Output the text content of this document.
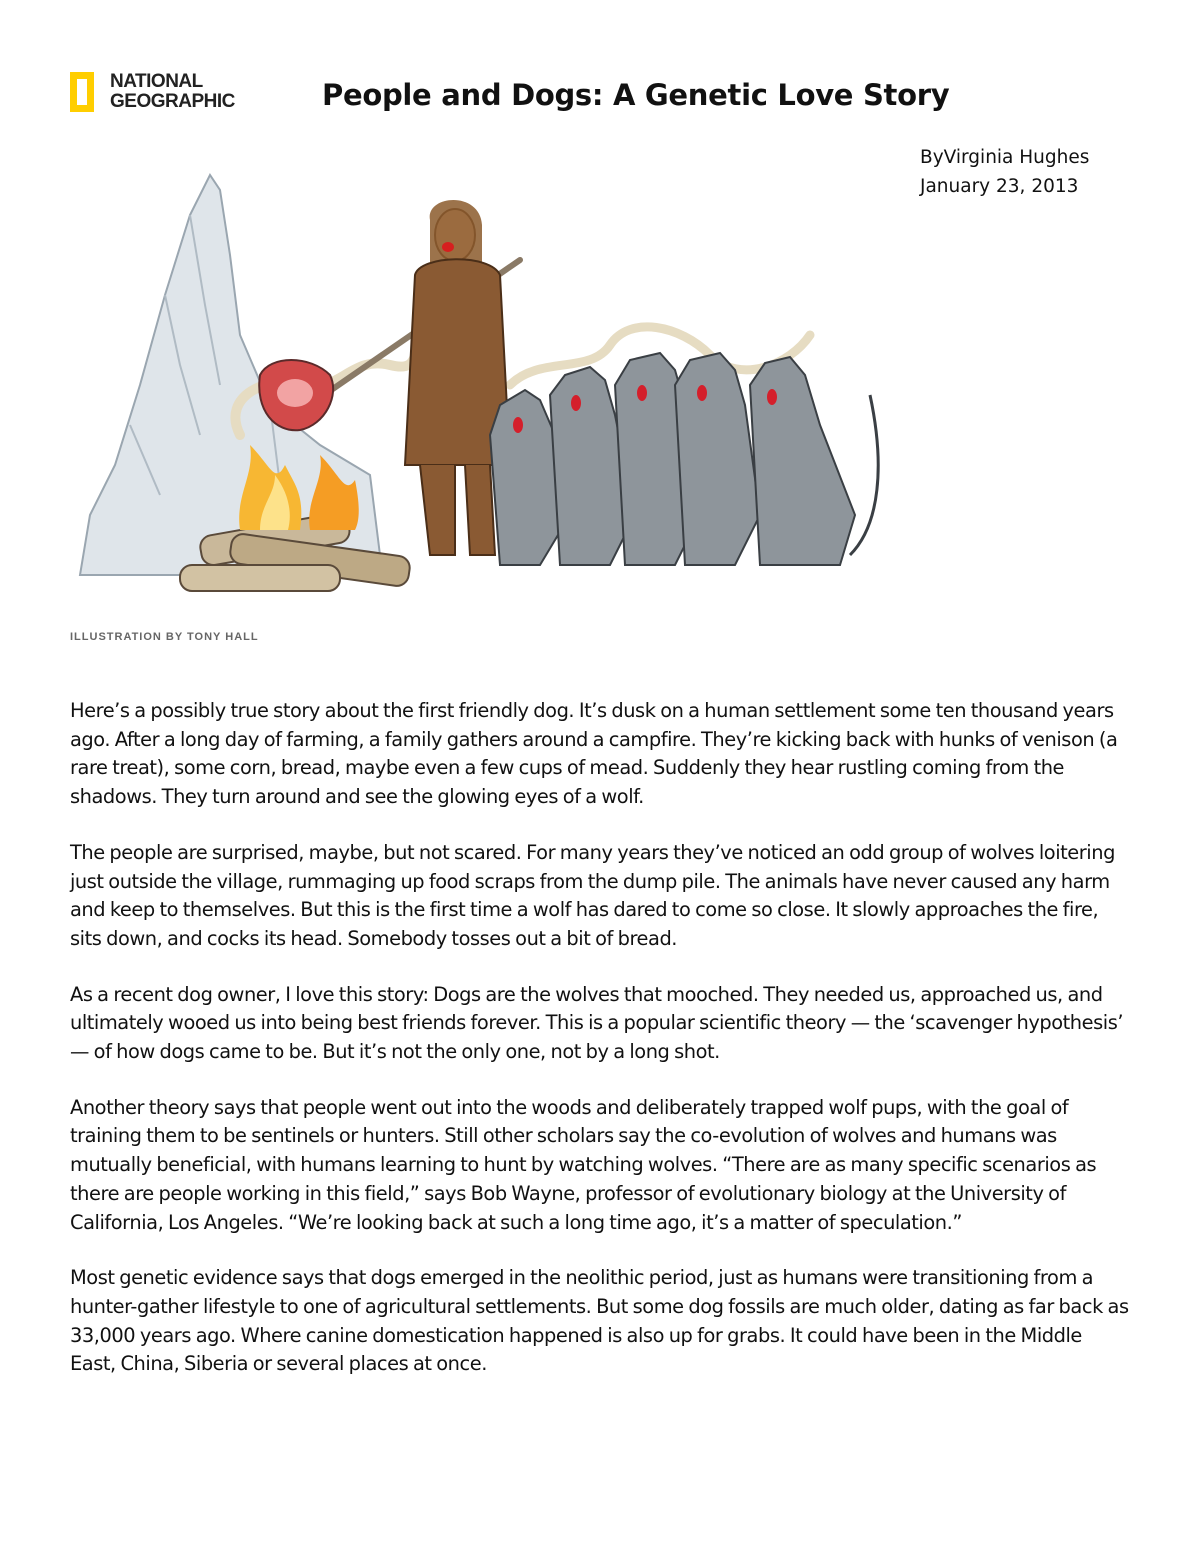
NATIONAL
GEOGRAPHIC	People and Dogs: A Genetic Love Story
ByVirginia Hughes
January 23, 2013
ILLUSTRATION BY TONY HALL

Here’s a possibly true story about the first friendly dog. It’s dusk on a human settlement some ten thousand years ago. After a long day of farming, a family gathers around a campfire. They’re kicking back with hunks of venison (a rare treat), some corn, bread, maybe even a few cups of mead. Suddenly they hear rustling coming from the shadows. They turn around and see the glowing eyes of a wolf.

The people are surprised, maybe, but not scared. For many years they’ve noticed an odd group of wolves loitering just outside the village, rummaging up food scraps from the dump pile. The animals have never caused any harm and keep to themselves. But this is the first time a wolf has dared to come so close. It slowly approaches the fire, sits down, and cocks its head. Somebody tosses out a bit of bread.

As a recent dog owner, I love this story: Dogs are the wolves that mooched. They needed us, approached us, and ultimately wooed us into being best friends forever. This is a popular scientific theory — the ‘scavenger hypothesis’ — of how dogs came to be. But it’s not the only one, not by a long shot.

Another theory says that people went out into the woods and deliberately trapped wolf pups, with the goal of training them to be sentinels or hunters. Still other scholars say the co-evolution of wolves and humans was mutually beneficial, with humans learning to hunt by watching wolves. “There are as many specific scenarios as there are people working in this field,” says Bob Wayne, professor of evolutionary biology at the University of California, Los Angeles. “We’re looking back at such a long time ago, it’s a matter of speculation.”

Most genetic evidence says that dogs emerged in the neolithic period, just as humans were transitioning from a hunter-gather lifestyle to one of agricultural settlements. But some dog fossils are much older, dating as far back as 33,000 years ago. Where canine domestication happened is also up for grabs. It could have been in the Middle East, China, Siberia or several places at once.
